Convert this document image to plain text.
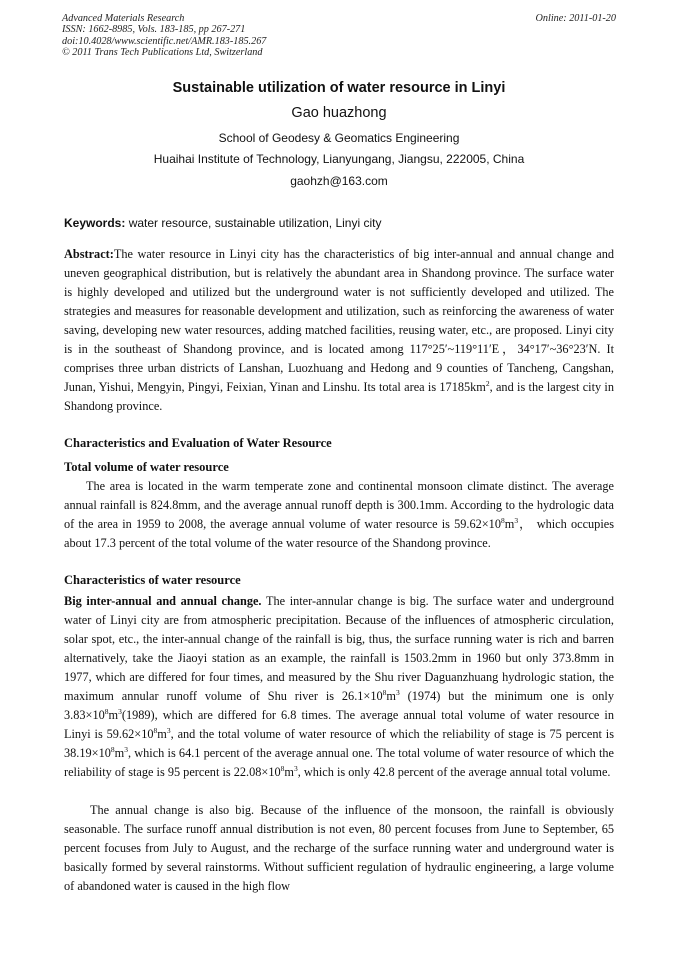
Advanced Materials Research
ISSN: 1662-8985, Vols. 183-185, pp 267-271
doi:10.4028/www.scientific.net/AMR.183-185.267
© 2011 Trans Tech Publications Ltd, Switzerland
Online: 2011-01-20
Sustainable utilization of water resource in Linyi
Gao huazhong
School of Geodesy & Geomatics Engineering
Huaihai Institute of Technology, Lianyungang, Jiangsu, 222005, China
gaohzh@163.com
Keywords: water resource, sustainable utilization, Linyi city
Abstract:The water resource in Linyi city has the characteristics of big inter-annual and annual change and uneven geographical distribution, but is relatively the abundant area in Shandong province. The surface water is highly developed and utilized but the underground water is not sufficiently developed and utilized. The strategies and measures for reasonable development and utilization, such as reinforcing the awareness of water saving, developing new water resources, adding matched facilities, reusing water, etc., are proposed. Linyi city is in the southeast of Shandong province, and is located among 117°25′~119°11′E，34°17′~36°23′N. It comprises three urban districts of Lanshan, Luozhuang and Hedong and 9 counties of Tancheng, Cangshan, Junan, Yishui, Mengyin, Pingyi, Feixian, Yinan and Linshu. Its total area is $17185km^2$, and is the largest city in Shandong province.
Characteristics and Evaluation of Water Resource
Total volume of water resource
The area is located in the warm temperate zone and continental monsoon climate distinct. The average annual rainfall is 824.8mm, and the average annual runoff depth is 300.1mm. According to the hydrologic data of the area in 1959 to 2008, the average annual volume of water resource is $59.62\times 10^8m^3$， which occupies about 17.3 percent of the total volume of the water resource of the Shandong province.
Characteristics of water resource
Big inter-annual and annual change. The inter-annular change is big. The surface water and underground water of Linyi city are from atmospheric precipitation. Because of the influences of atmospheric circulation, solar spot, etc., the inter-annual change of the rainfall is big, thus, the surface running water is rich and barren alternatively, take the Jiaoyi station as an example, the rainfall is 1503.2mm in 1960 but only 373.8mm in 1977, which are differed for four times, and measured by the Shu river Daguanzhuang hydrologic station, the maximum annular runoff volume of Shu river is $26.1\times 10^8m^3$ (1974) but the minimum one is only $3.83\times 10^8m^3(1989)$, which are differed for 6.8 times. The average annual total volume of water resource in Linyi is $59.62\times 10^8m^3$, and the total volume of water resource of which the reliability of stage is 75 percent is $38.19\times 10^8m^3$, which is 64.1 percent of the average annual one. The total volume of water resource of which the reliability of stage is 95 percent is $22.08\times 10^8m^3$, which is only 42.8 percent of the average annual total volume.
The annual change is also big. Because of the influence of the monsoon, the rainfall is obviously seasonable. The surface runoff annual distribution is not even, 80 percent focuses from June to September, 65 percent focuses from July to August, and the recharge of the surface running water and underground water is basically formed by several rainstorms. Without sufficient regulation of hydraulic engineering, a large volume of abandoned water is caused in the high flow
